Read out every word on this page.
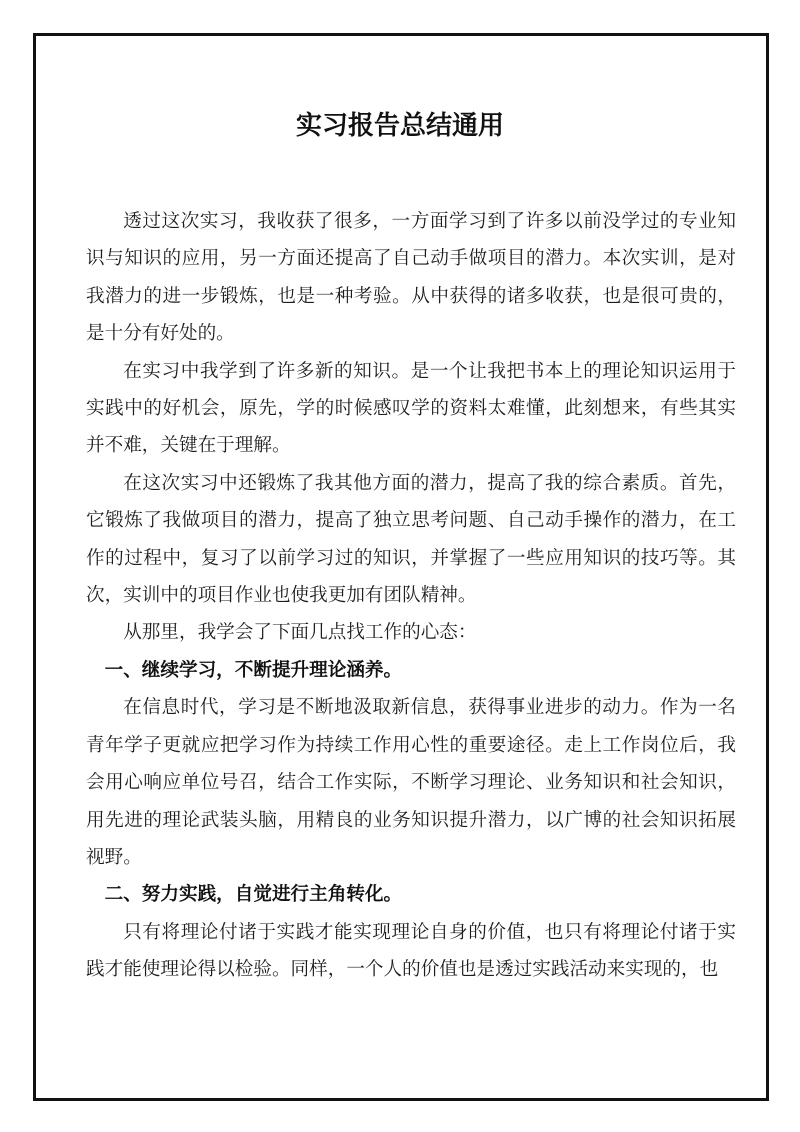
实习报告总结通用

透过这次实习，我收获了很多，一方面学习到了许多以前没学过的专业知识与知识的应用，另一方面还提高了自己动手做项目的潜力。本次实训，是对我潜力的进一步锻炼，也是一种考验。从中获得的诸多收获，也是很可贵的，是十分有好处的。

在实习中我学到了许多新的知识。是一个让我把书本上的理论知识运用于实践中的好机会，原先，学的时候感叹学的资料太难懂，此刻想来，有些其实并不难，关键在于理解。

在这次实习中还锻炼了我其他方面的潜力，提高了我的综合素质。首先，它锻炼了我做项目的潜力，提高了独立思考问题、自己动手操作的潜力，在工作的过程中，复习了以前学习过的知识，并掌握了一些应用知识的技巧等。其次，实训中的项目作业也使我更加有团队精神。

从那里，我学会了下面几点找工作的心态：

一、继续学习，不断提升理论涵养。

在信息时代，学习是不断地汲取新信息，获得事业进步的动力。作为一名青年学子更就应把学习作为持续工作用心性的重要途径。走上工作岗位后，我会用心响应单位号召，结合工作实际，不断学习理论、业务知识和社会知识，用先进的理论武装头脑，用精良的业务知识提升潜力，以广博的社会知识拓展视野。

二、努力实践，自觉进行主角转化。

只有将理论付诸于实践才能实现理论自身的价值，也只有将理论付诸于实践才能使理论得以检验。同样，一个人的价值也是透过实践活动来实现的，也
